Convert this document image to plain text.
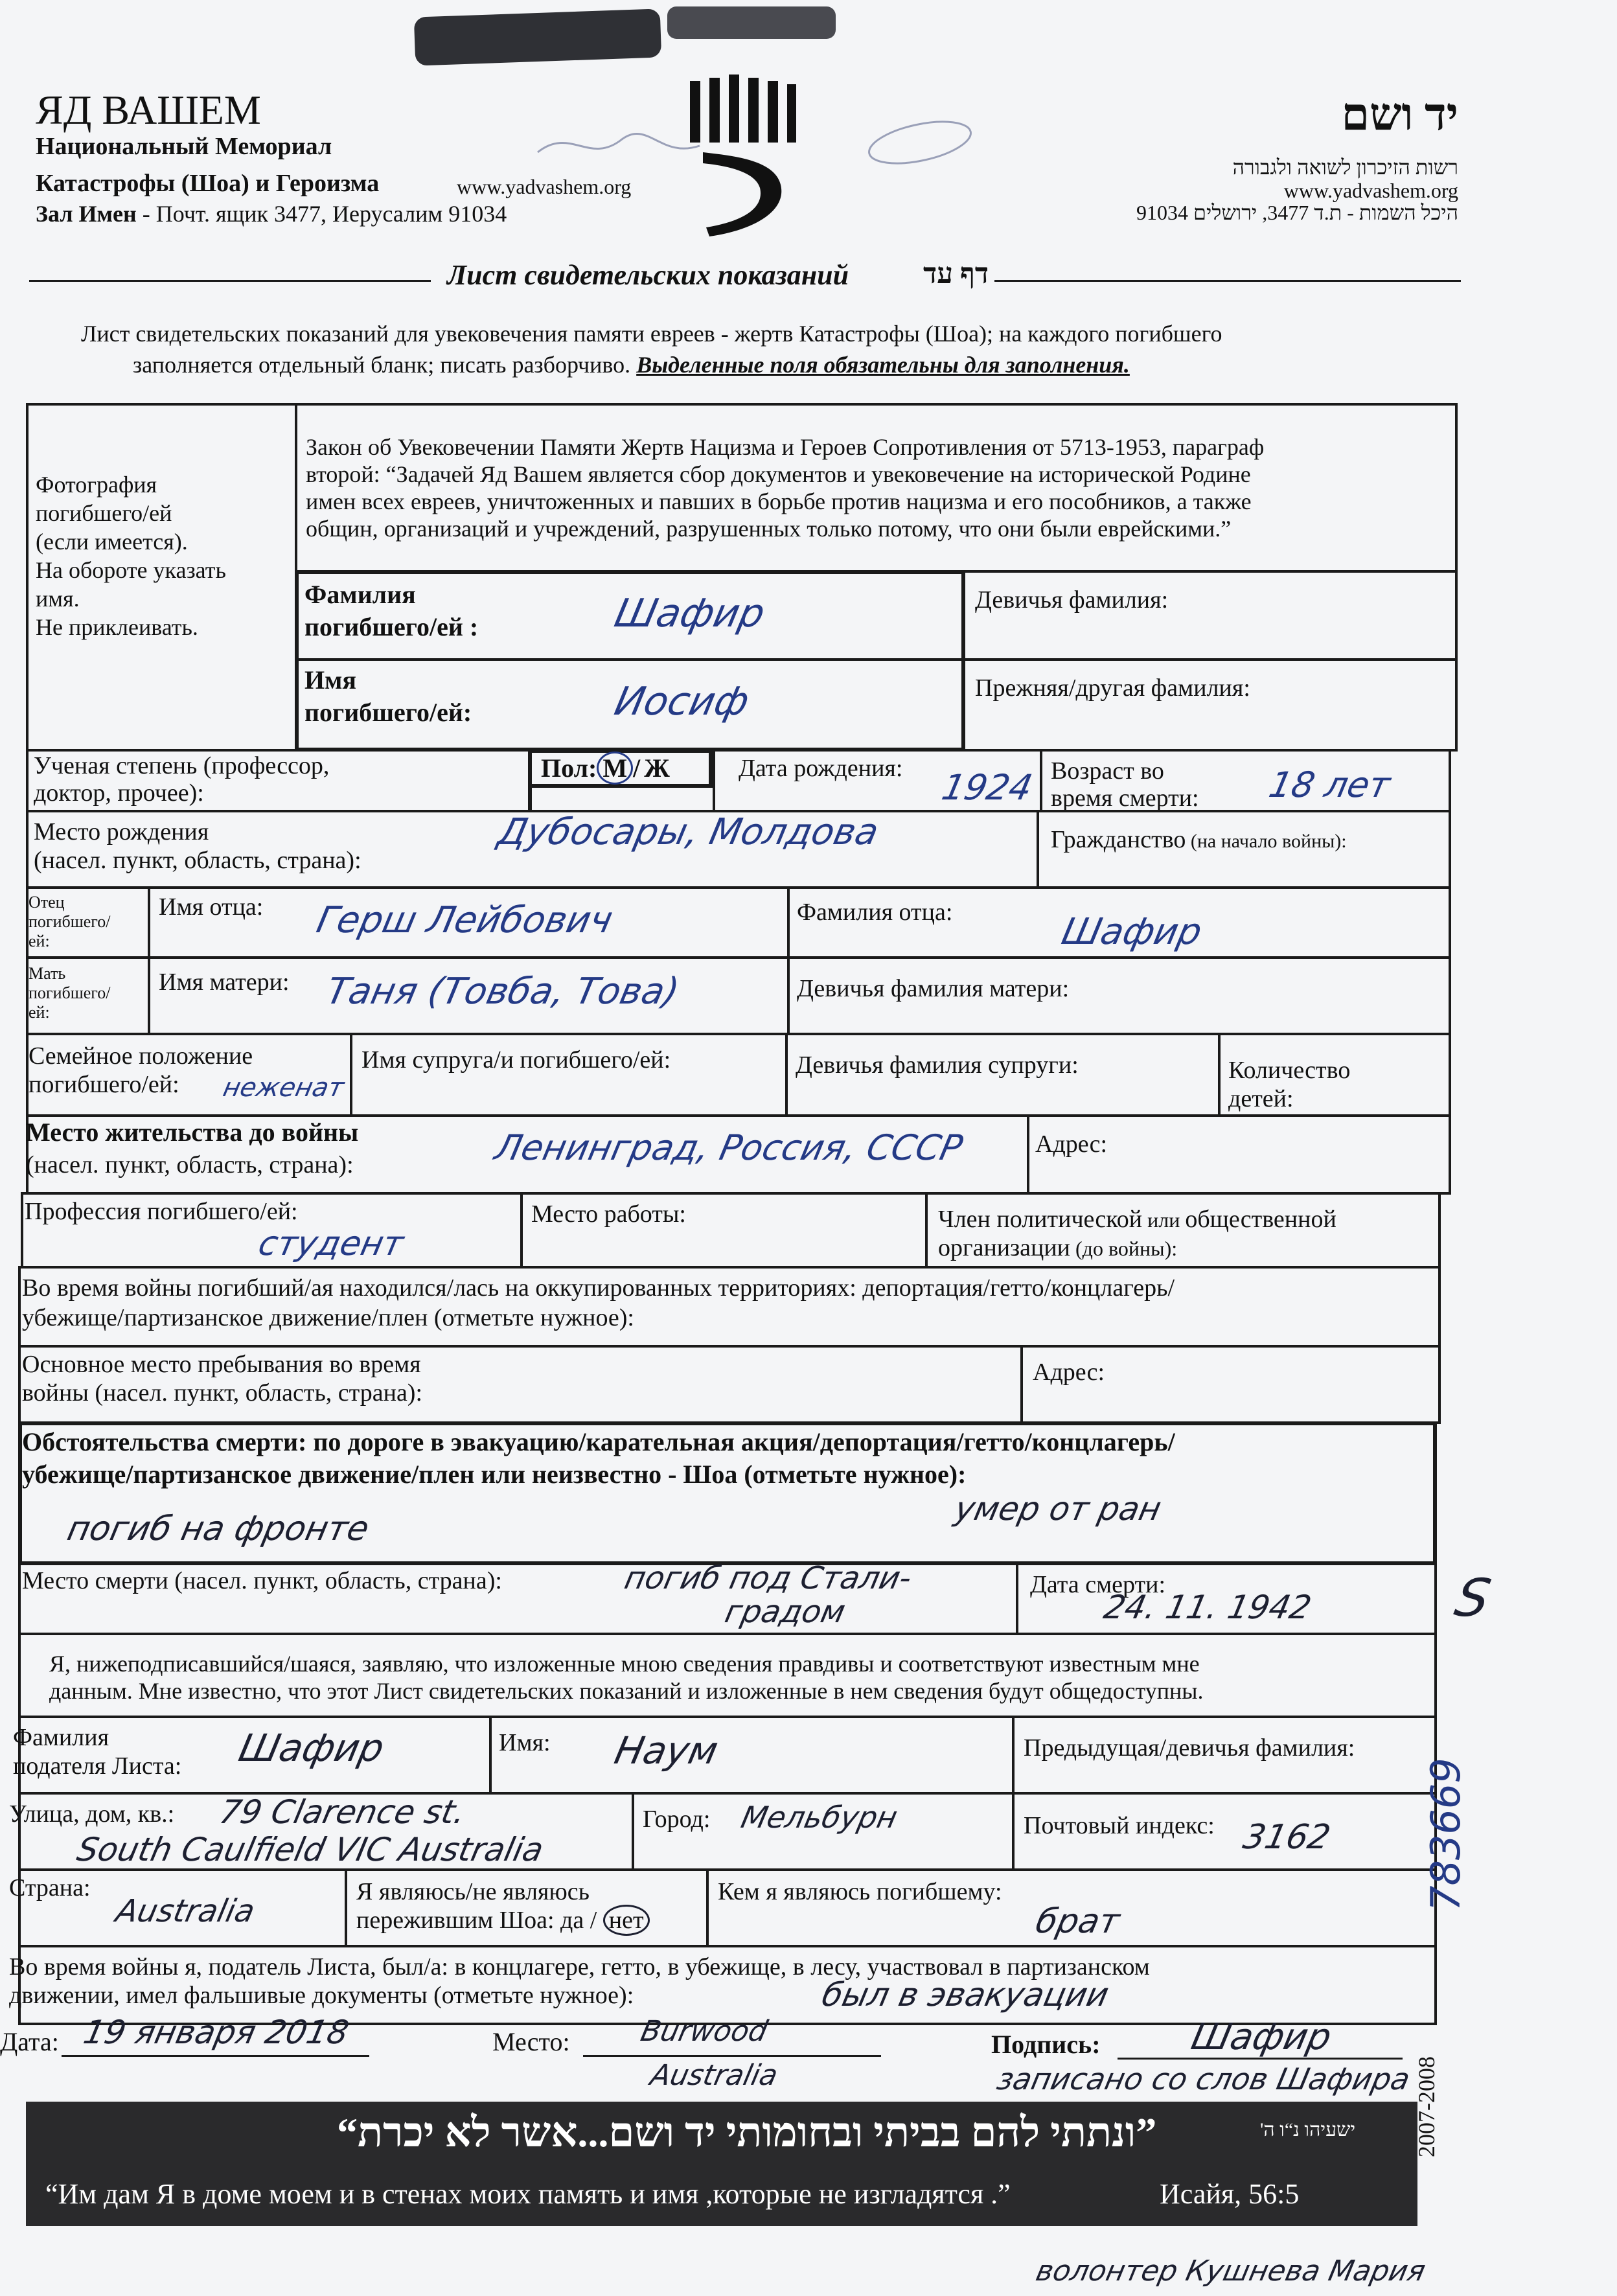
ЯД ВАШЕМ
Национальный Мемориал
Катастрофы (Шоа) и Героизма	www.yadvashem.org
Зал Имен - Почт. ящик 3477, Иерусалим 91034
יד ושם
רשות הזיכרון לשואה ולגבורה
www.yadvashem.org
היכל השמות - ת.ד 3477, ירושלים 91034
Лист свидетельских показаний	דף עד
Лист свидетельских показаний для увековечения памяти евреев - жертв Катастрофы (Шоа); на каждого погибшего
заполняется отдельный бланк; писать разборчиво. Выделенные поля обязательны для заполнения.
Фотография
погибшего/ей
(если имеется).
На обороте указать
имя.
Не приклеивать.
Закон об Увековечении Памяти Жертв Нацизма и Героев Сопротивления от 5713-1953, параграф
второй: “Задачей Яд Вашем является сбор документов и увековечение на исторической Родине
имен всех евреев, уничтоженных и павших в борьбе против нацизма и его пособников, а также
общин, организаций и учреждений, разрушенных только потому, что они были еврейскими.”
Фамилия
погибшего/ей :	Шафир	Девичья фамилия:
Имя
погибшего/ей:	Иосиф	Прежняя/другая фамилия:
Ученая степень (профессор,
доктор, прочее):
Пол: М / Ж	Дата рождения: 1924 Возраст во
время смерти: 18 лет
Место рождения
(насел. пункт, область, страна):
Дубосары, Молдова	Гражданство (на начало войны):
Отец
погибшего/
ей:
Имя отца: Герш Лейбович	Фамилия отца:	Шафир
Мать
погибшего/
ей:
Имя матери: Таня (Товба, Това)	Девичья фамилия матери:
Семейное положение
погибшего/ей: неженат
Имя супруга/и погибшего/ей:	Девичья фамилия супруги:	Количество
детей:
Место жительства до войны
(насел. пункт, область, страна):	Ленинград, Россия, СССР	Адрес:
Профессия погибшего/ей:
студент
Место работы:	Член политической или общественной
организации (до войны):
Во время войны погибший/ая находился/лась на оккупированных территориях: депортация/гетто/концлагерь/
убежище/партизанское движение/плен (отметьте нужное):
Основное место пребывания во время
войны (насел. пункт, область, страна):
Адрес:
Обстоятельства смерти: по дороге в эвакуацию/карательная акция/депортация/гетто/концлагерь/
убежище/партизанское движение/плен или неизвестно - Шоа (отметьте нужное):
погиб на фронте
умер от ран
Место смерти (насел. пункт, область, страна):	погиб под Стали-
градом
Дата смерти:
24. 11. 1942
Я, нижеподписавшийся/шаяся, заявляю, что изложенные мною сведения правдивы и соответствуют известным мне
данным. Мне известно, что этот Лист свидетельских показаний и изложенные в нем сведения будут общедоступны.
Фамилия
подателя Листа: Шафир	Имя: Наум	Предыдущая/девичья фамилия:
Улица, дом, кв.: 79 Clarence st.
South Caulfield VIC Australia
Город: Мельбурн	Почтовый индекс: 3162
Страна:
Australia
Я являюсь/не являюсь
пережившим Шоа: да / нет
Кем я являюсь погибшему:
брат
Во время войны я, податель Листа, был/а: в концлагере, гетто, в убежище, в лесу, участвовал в партизанском
движении, имел фальшивые документы (отметьте нужное):	был в эвакуации
Дата: 19 января 2018	Место: Burwood
Australia
Подпись: Шафир
записано со слов Шафира
”ונתתי להם בביתי ובחומותי יד ושם...אשר לא יכרת“	ישעיהו נ“ו ה'
“Им дам Я в доме моем и в стенах моих память и имя ,которые не изгладятся .”	Исайя, 56:5
2007-2008
783669
S
волонтер Кушнева Мария
